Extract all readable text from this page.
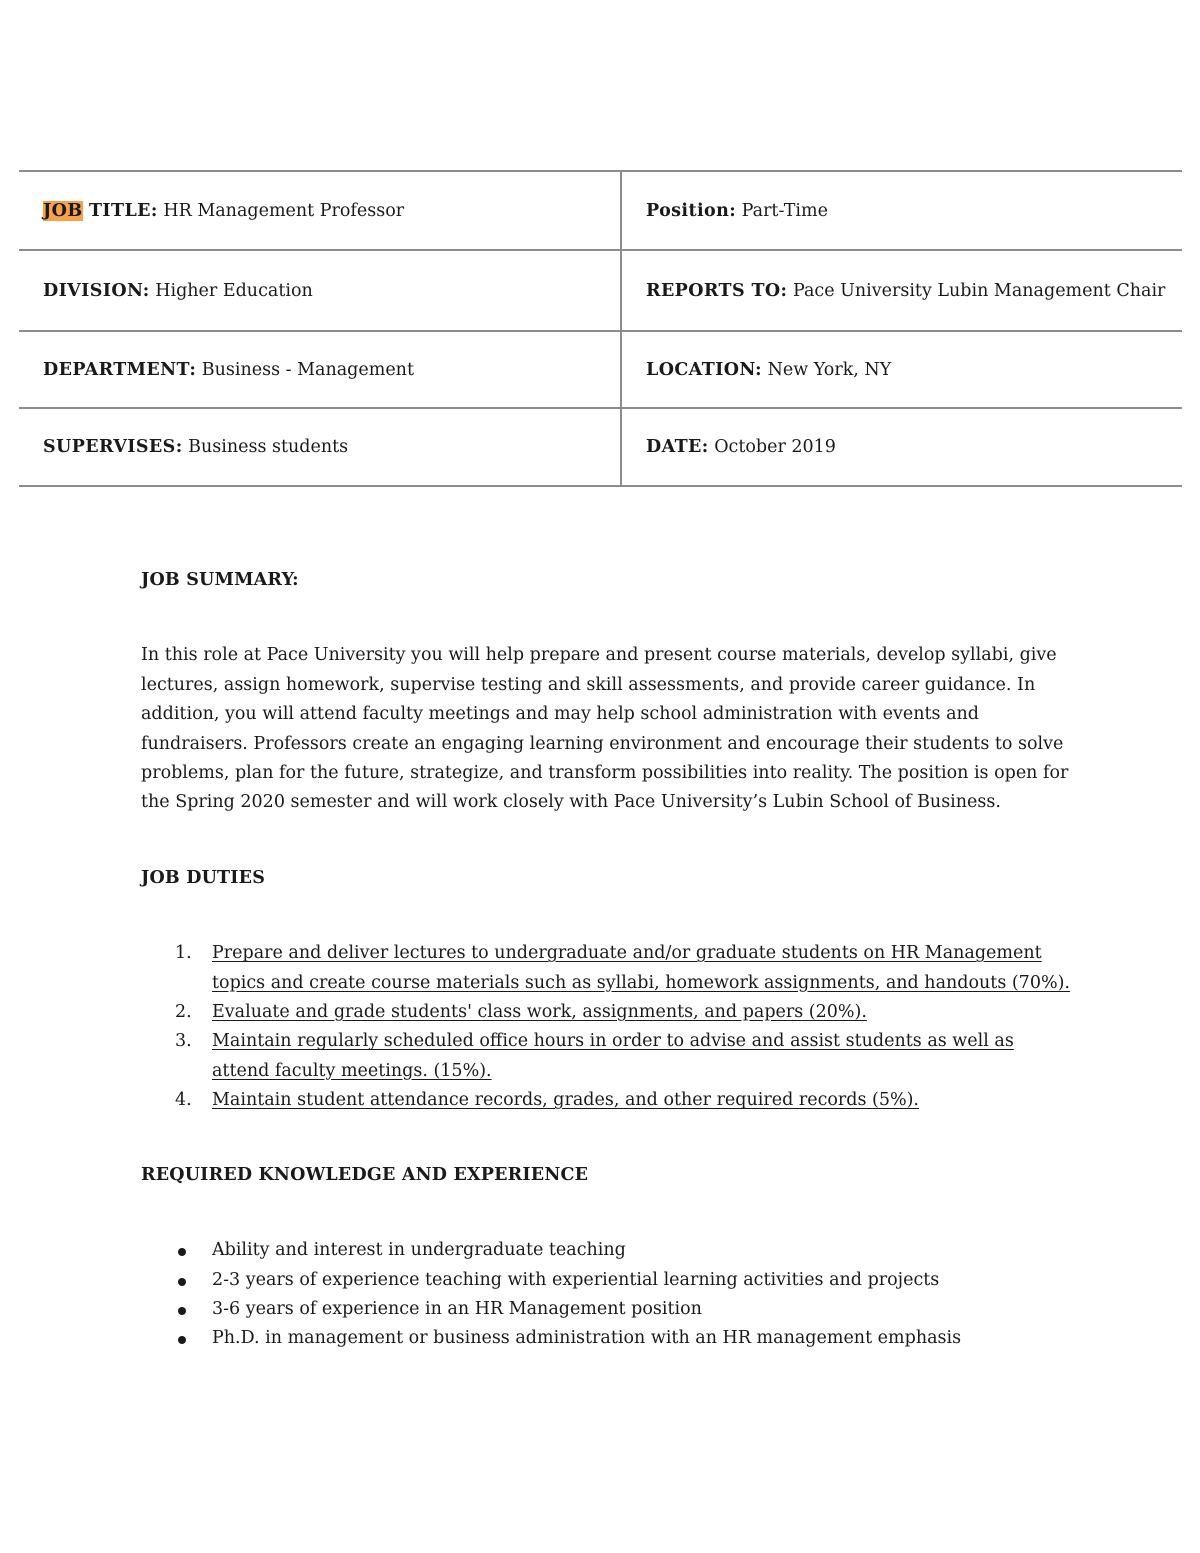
JOB TITLE: HR Management Professor	Position: Part-Time
DIVISION: Higher Education	REPORTS TO: Pace University Lubin Management Chair
DEPARTMENT: Business - Management	LOCATION: New York, NY
SUPERVISES: Business students	DATE: October 2019

JOB SUMMARY:

In this role at Pace University you will help prepare and present course materials, develop syllabi, give lectures, assign homework, supervise testing and skill assessments, and provide career guidance. In addition, you will attend faculty meetings and may help school administration with events and fundraisers. Professors create an engaging learning environment and encourage their students to solve problems, plan for the future, strategize, and transform possibilities into reality. The position is open for the Spring 2020 semester and will work closely with Pace University’s Lubin School of Business.

JOB DUTIES

1. Prepare and deliver lectures to undergraduate and/or graduate students on HR Management topics and create course materials such as syllabi, homework assignments, and handouts (70%).
2. Evaluate and grade students' class work, assignments, and papers (20%).
3. Maintain regularly scheduled office hours in order to advise and assist students as well as attend faculty meetings. (15%).
4. Maintain student attendance records, grades, and other required records (5%).

REQUIRED KNOWLEDGE AND EXPERIENCE

Ability and interest in undergraduate teaching
2-3 years of experience teaching with experiential learning activities and projects
3-6 years of experience in an HR Management position
Ph.D. in management or business administration with an HR management emphasis
